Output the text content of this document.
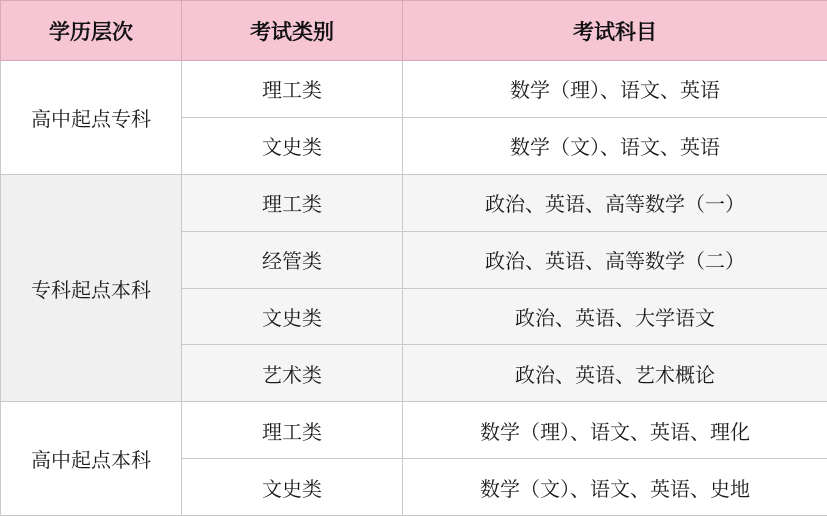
学历层次	考试类别	考试科目
高中起点专科	理工类	数学（理）、语文、英语
	文史类	数学（文）、语文、英语
专科起点本科	理工类	政治、英语、高等数学（一）
	经管类	政治、英语、高等数学（二）
	文史类	政治、英语、大学语文
	艺术类	政治、英语、艺术概论
高中起点本科	理工类	数学（理）、语文、英语、理化
	文史类	数学（文）、语文、英语、史地
